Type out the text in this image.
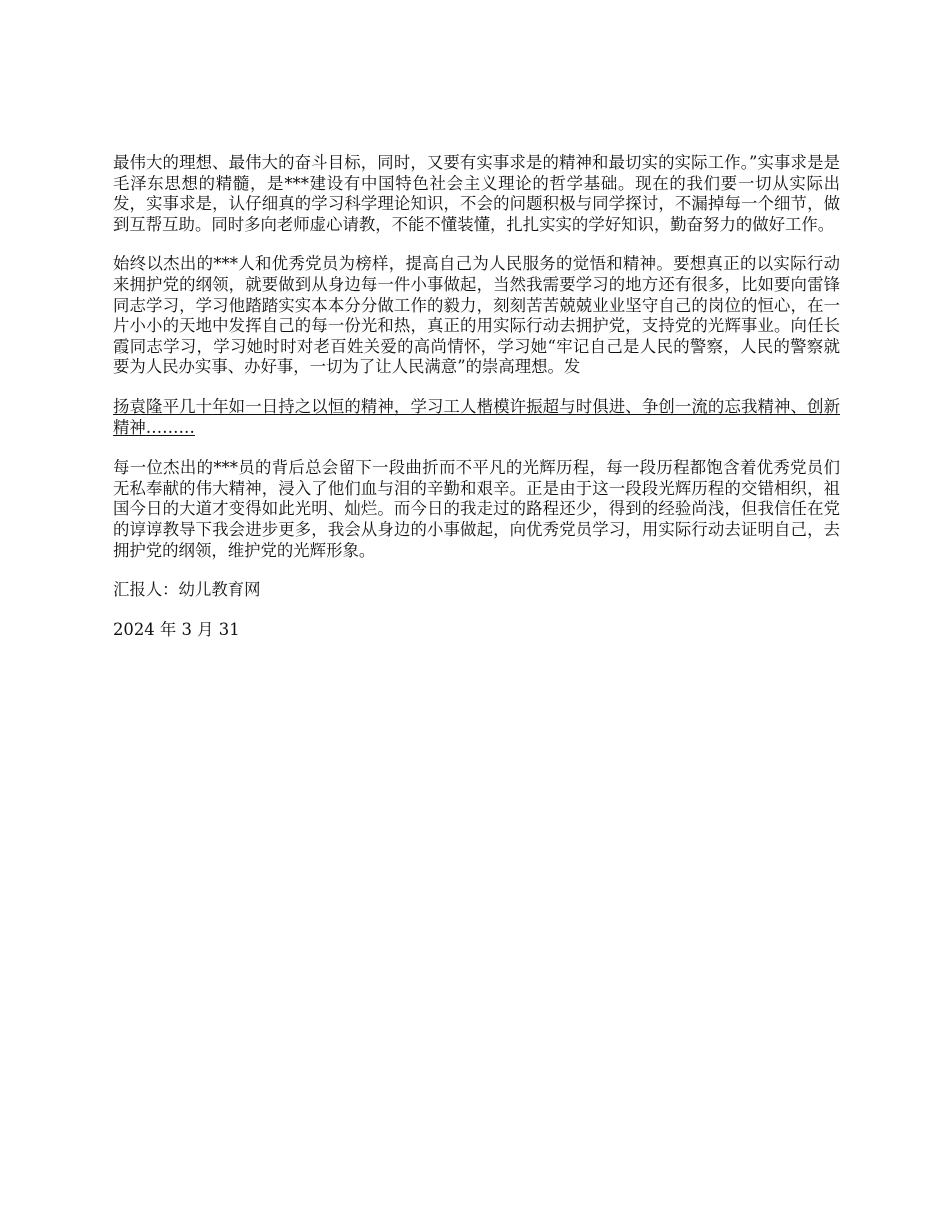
最伟大的理想、最伟大的奋斗目标，同时，又要有实事求是的精神和最切实的实际工作。”实事求是是毛泽东思想的精髓，是***建设有中国特色社会主义理论的哲学基础。现在的我们要一切从实际出发，实事求是，认仔细真的学习科学理论知识，不会的问题积极与同学探讨，不漏掉每一个细节，做到互帮互助。同时多向老师虚心请教，不能不懂装懂，扎扎实实的学好知识，勤奋努力的做好工作。

始终以杰出的***人和优秀党员为榜样，提高自己为人民服务的觉悟和精神。要想真正的以实际行动来拥护党的纲领，就要做到从身边每一件小事做起，当然我需要学习的地方还有很多，比如要向雷锋同志学习，学习他踏踏实实本本分分做工作的毅力，刻刻苦苦兢兢业业坚守自己的岗位的恒心，在一片小小的天地中发挥自己的每一份光和热，真正的用实际行动去拥护党，支持党的光辉事业。向任长霞同志学习，学习她时时对老百姓关爱的高尚情怀，学习她“牢记自己是人民的警察，人民的警察就要为人民办实事、办好事，一切为了让人民满意”的崇高理想。发

扬袁隆平几十年如一日持之以恒的精神，学习工人楷模许振超与时俱进、争创一流的忘我精神、创新精神………

每一位杰出的***员的背后总会留下一段曲折而不平凡的光辉历程，每一段历程都饱含着优秀党员们无私奉献的伟大精神，浸入了他们血与泪的辛勤和艰辛。正是由于这一段段光辉历程的交错相织，祖国今日的大道才变得如此光明、灿烂。而今日的我走过的路程还少，得到的经验尚浅，但我信任在党的谆谆教导下我会进步更多，我会从身边的小事做起，向优秀党员学习，用实际行动去证明自己，去拥护党的纲领，维护党的光辉形象。

汇报人：幼儿教育网

2024 年 3 月 31
